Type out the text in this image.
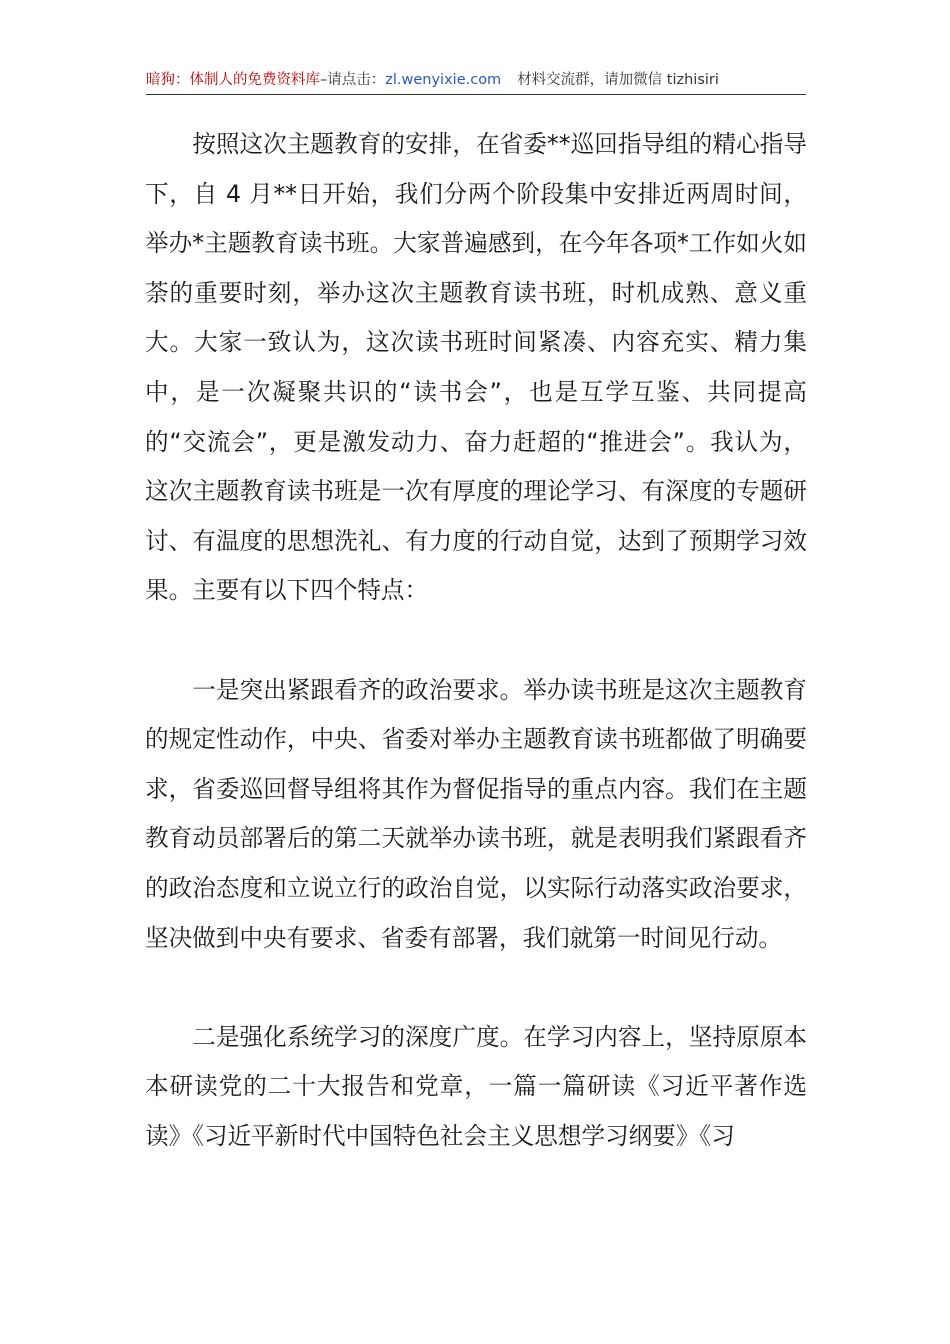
暗狗：体制人的免费资料库–请点击：zl.wenyixie.com 材料交流群，请加微信 tizhisiri

按照这次主题教育的安排，在省委**巡回指导组的精心指导下，自 4 月**日开始，我们分两个阶段集中安排近两周时间，举办*主题教育读书班。大家普遍感到，在今年各项*工作如火如荼的重要时刻，举办这次主题教育读书班，时机成熟、意义重大。大家一致认为，这次读书班时间紧凑、内容充实、精力集中，是一次凝聚共识的“读书会”，也是互学互鉴、共同提高的“交流会”，更是激发动力、奋力赶超的“推进会”。我认为，这次主题教育读书班是一次有厚度的理论学习、有深度的专题研讨、有温度的思想洗礼、有力度的行动自觉，达到了预期学习效果。主要有以下四个特点：

一是突出紧跟看齐的政治要求。举办读书班是这次主题教育的规定性动作，中央、省委对举办主题教育读书班都做了明确要求，省委巡回督导组将其作为督促指导的重点内容。我们在主题教育动员部署后的第二天就举办读书班，就是表明我们紧跟看齐的政治态度和立说立行的政治自觉，以实际行动落实政治要求，坚决做到中央有要求、省委有部署，我们就第一时间见行动。

二是强化系统学习的深度广度。在学习内容上，坚持原原本本研读党的二十大报告和党章，一篇一篇研读《习近平著作选读》《习近平新时代中国特色社会主义思想学习纲要》《习
